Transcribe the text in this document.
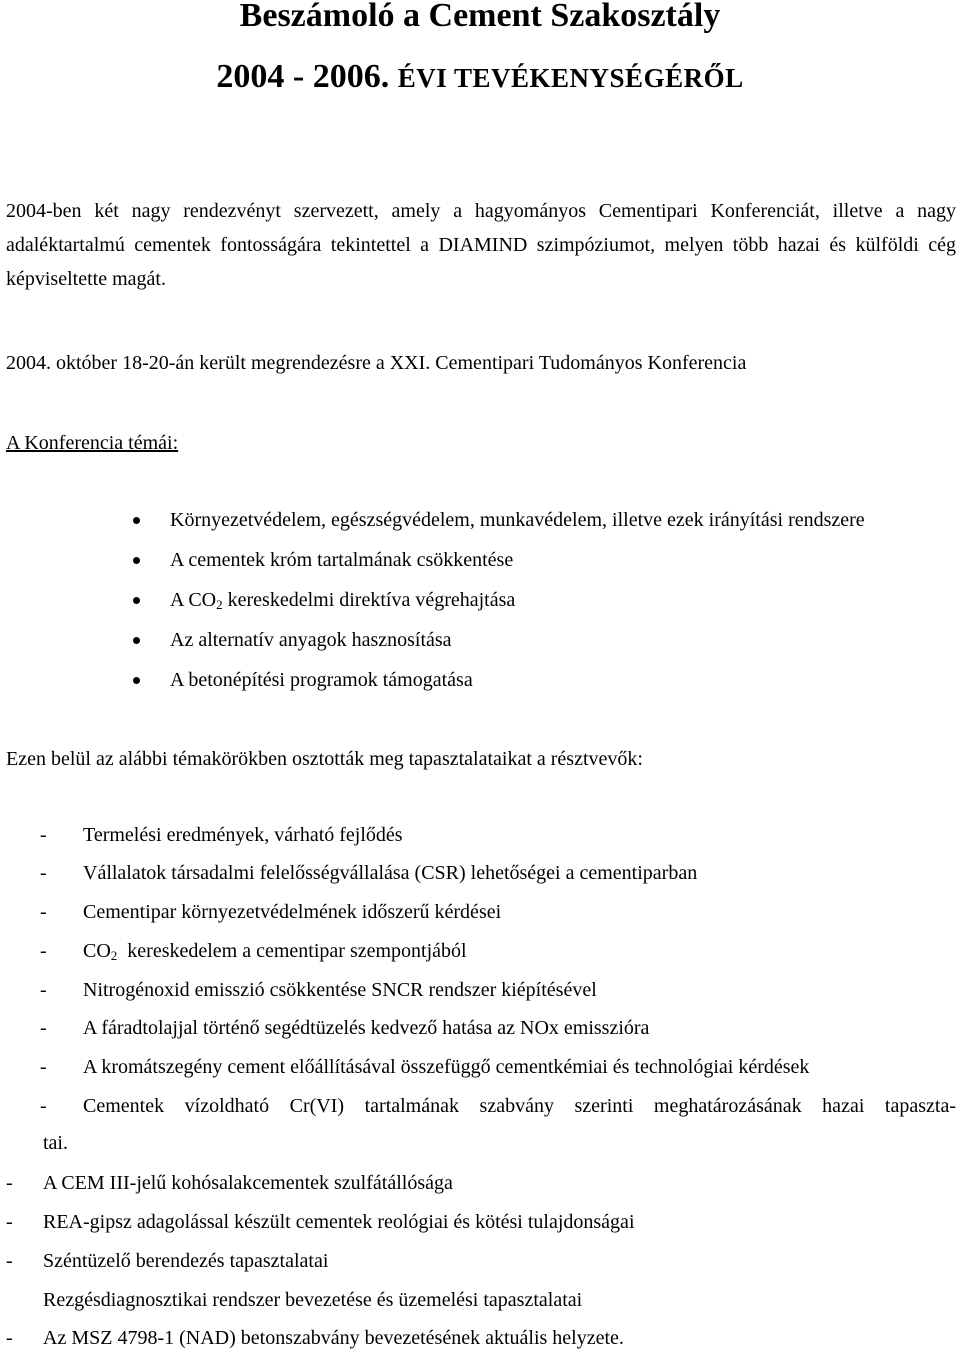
Beszámoló a Cement Szakosztály
2004 - 2006. ÉVI TEVÉKENYSÉGÉRŐL

2004-ben két nagy rendezvényt szervezett, amely a hagyományos Cementipari Konferenciát, illetve a nagy adaléktartalmú cementek fontosságára tekintettel a DIAMIND szimpóziumot, melyen több hazai és külföldi cég képviseltette magát.

2004. október 18-20-án került megrendezésre a XXI. Cementipari Tudományos Konferencia

A Konferencia témái:

Környezetvédelem, egészségvédelem, munkavédelem, illetve ezek irányítási rendszere
A cementek króm tartalmának csökkentése
A $CO_2$ kereskedelmi direktíva végrehajtása
Az alternatív anyagok hasznosítása
A betonépítési programok támogatása

Ezen belül az alábbi témakörökben osztották meg tapasztalataikat a résztvevők:

- Termelési eredmények, várható fejlődés
- Vállalatok társadalmi felelősségvállalása (CSR) lehetőségei a cementiparban
- Cementipar környezetvédelmének időszerű kérdései
- $CO_2$  kereskedelem a cementipar szempontjából
- Nitrogénoxid emisszió csökkentése SNCR rendszer kiépítésével
- A fáradtolajjal történő segédtüzelés kedvező hatása az NOx emisszióra
- A kromátszegény cement előállításával összefüggő cementkémiai és technológiai kérdések
- Cementek vízoldható Cr(VI) tartalmának szabvány szerinti meghatározásának hazai tapaszta-
tai.
- A CEM III-jelű kohósalakcementek szulfátállósága
- REA-gipsz adagolással készült cementek reológiai és kötési tulajdonságai
- Széntüzelő berendezés tapasztalatai
Rezgésdiagnosztikai rendszer bevezetése és üzemelési tapasztalatai
- Az MSZ 4798-1 (NAD) betonszabvány bevezetésének aktuális helyzete.
